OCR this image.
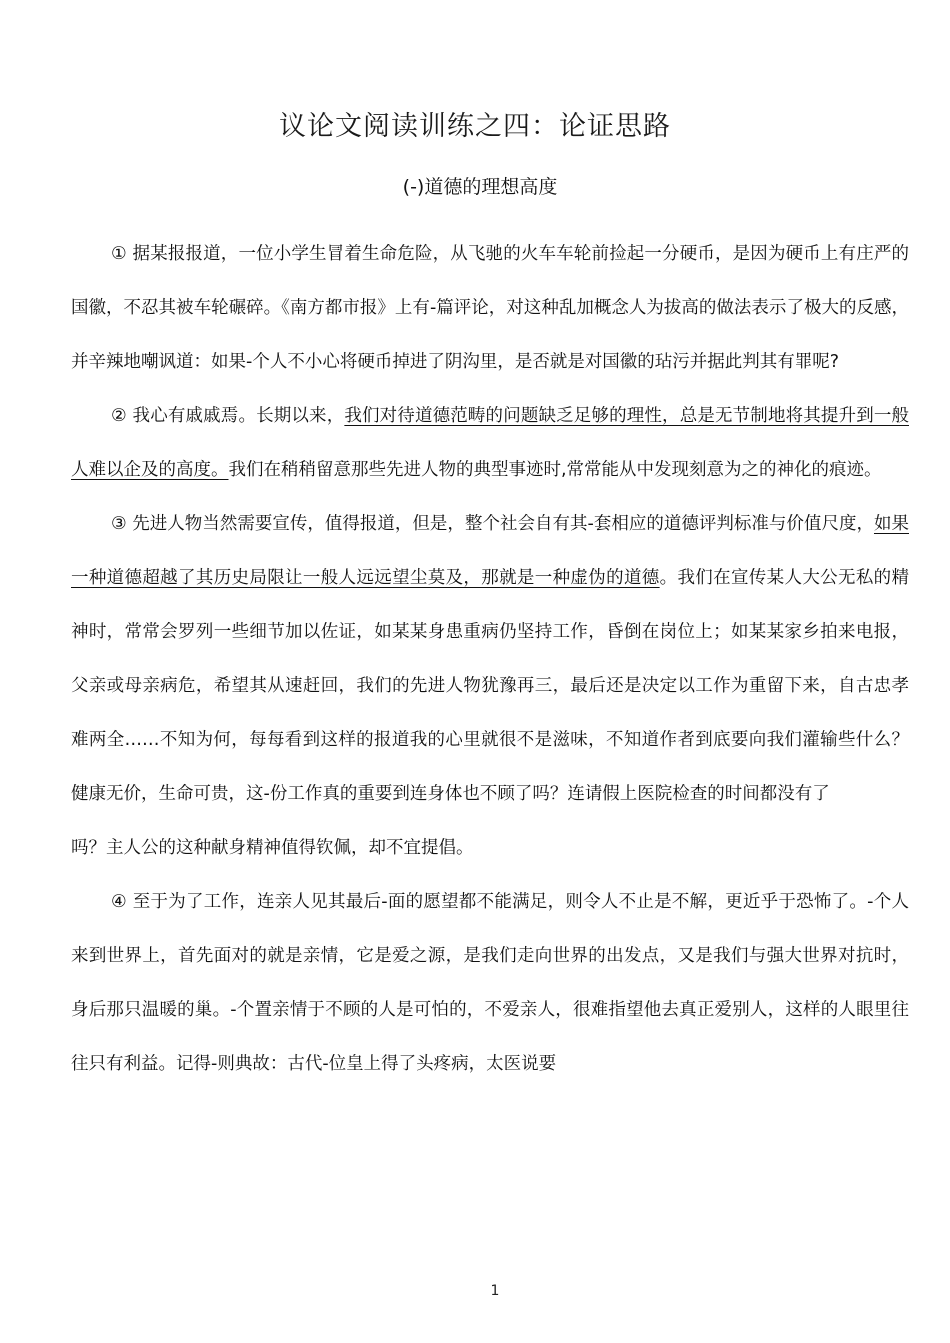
议论文阅读训练之四：论证思路
(-)道德的理想高度

① 据某报报道，一位小学生冒着生命危险，从飞驰的火车车轮前捡起一分硬币，是因为硬币上有庄严的国徽，不忍其被车轮碾碎。《南方都市报》上有-篇评论，对这种乱加概念人为拔高的做法表示了极大的反感，并辛辣地嘲讽道：如果-个人不小心将硬币掉进了阴沟里，是否就是对国徽的玷污并据此判其有罪呢?

② 我心有戚戚焉。长期以来，我们对待道德范畴的问题缺乏足够的理性，总是无节制地将其提升到一般人难以企及的高度。我们在稍稍留意那些先进人物的典型事迹时,常常能从中发现刻意为之的神化的痕迹。

③ 先进人物当然需要宣传，值得报道，但是，整个社会自有其-套相应的道德评判标准与价值尺度，如果一种道德超越了其历史局限让一般人远远望尘莫及，那就是一种虚伪的道德。我们在宣传某人大公无私的精神时，常常会罗列一些细节加以佐证，如某某身患重病仍坚持工作，昏倒在岗位上；如某某家乡拍来电报，父亲或母亲病危，希望其从速赶回，我们的先进人物犹豫再三，最后还是决定以工作为重留下来，自古忠孝难两全……不知为何，每每看到这样的报道我的心里就很不是滋味，不知道作者到底要向我们灌输些什么？健康无价，生命可贵，这-份工作真的重要到连身体也不顾了吗？连请假上医院检查的时间都没有了

吗？主人公的这种献身精神值得钦佩，却不宜提倡。

④ 至于为了工作，连亲人见其最后-面的愿望都不能满足，则令人不止是不解，更近乎于恐怖了。-个人来到世界上，首先面对的就是亲情，它是爱之源，是我们走向世界的出发点，又是我们与强大世界对抗时，身后那只温暖的巢。-个置亲情于不顾的人是可怕的，不爱亲人，很难指望他去真正爱别人，这样的人眼里往往只有利益。记得-则典故：古代-位皇上得了头疼病，太医说要

1
